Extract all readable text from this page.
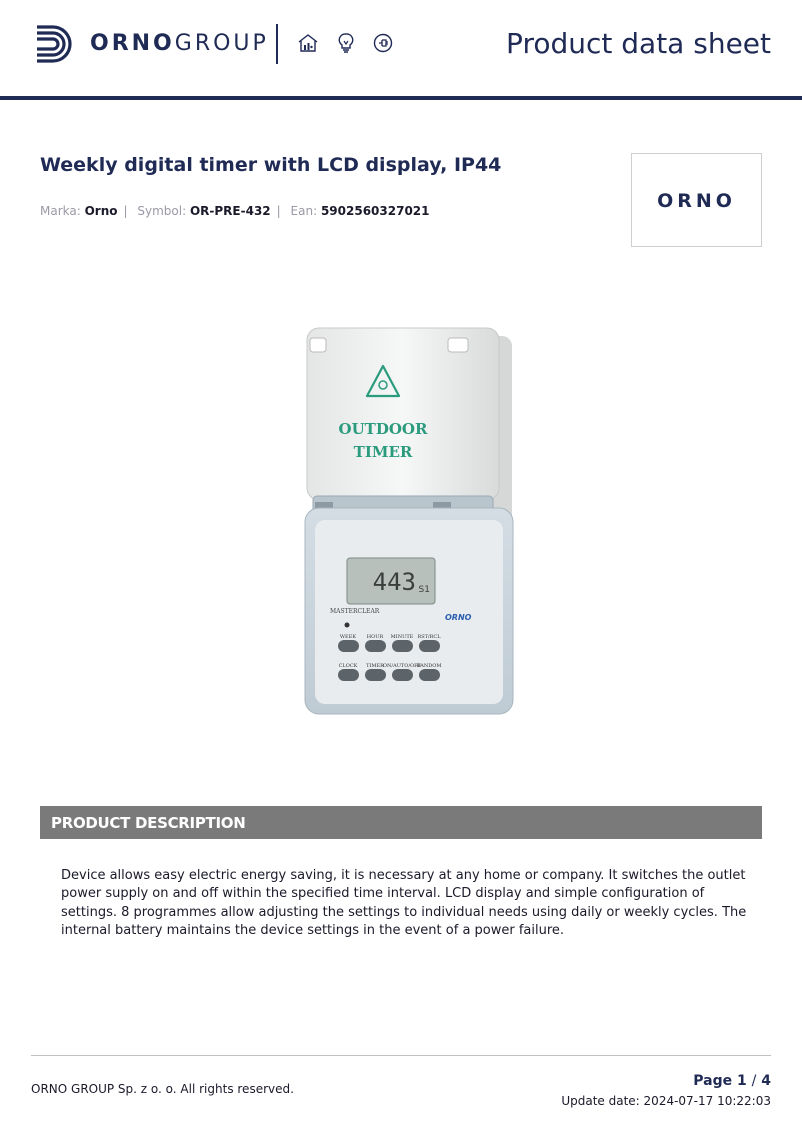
ORNOGROUP	Product data sheet
Weekly digital timer with LCD display, IP44
Marka: Orno | Symbol: OR-PRE-432 | Ean: 5902560327021	ORNO
OUTDOOR
TIMER
443 S1
MASTERCLEAR
ORNO
WEEK HOUR MINUTE RST/RCL
CLOCK TIMER ON/AUTO/OFF
RANDOM
PRODUCT DESCRIPTION
Device allows easy electric energy saving, it is necessary at any home or company. It switches the outlet power supply on and off within the specified time interval. LCD display and simple configuration of settings. 8 programmes allow adjusting the settings to individual needs using daily or weekly cycles. The internal battery maintains the device settings in the event of a power failure.
ORNO GROUP Sp. z o. o. All rights reserved.	Page 1 / 4
Update date: 2024-07-17 10:22:03
